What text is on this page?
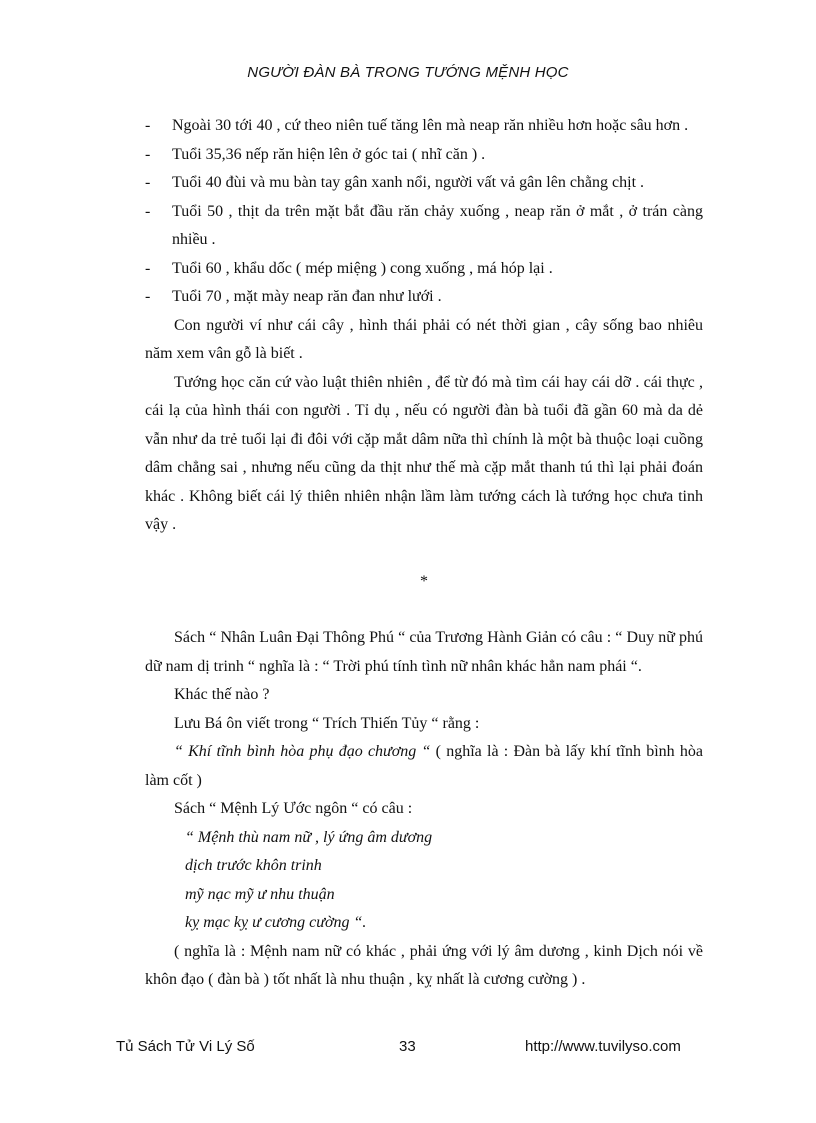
NGƯỜI ĐÀN BÀ TRONG TƯỚNG MỆNH HỌC
- Ngoài 30 tới 40 , cứ theo niên tuế tăng lên mà neap răn nhiều hơn hoặc sâu hơn .
- Tuổi 35,36 nếp răn hiện lên ở góc tai ( nhĩ căn ) .
- Tuổi 40 đùi và mu bàn tay gân xanh nổi, người vất vả gân lên chằng chịt .
- Tuổi 50 , thịt da trên mặt bắt đầu răn chảy xuống , neap răn ở mắt , ở trán càng nhiều .
- Tuổi 60 , khẩu dốc ( mép miệng ) cong xuống , má hóp lại .
- Tuổi 70 , mặt mày neap răn đan như lưới .

Con người ví như cái cây , hình thái phải có nét thời gian , cây sống bao nhiêu năm xem vân gỗ là biết .

Tướng học căn cứ vào luật thiên nhiên , để từ đó mà tìm cái hay cái dỡ . cái thực , cái lạ của hình thái con người . Tỉ dụ , nếu có người đàn bà tuổi đã gần 60 mà da dẻ vẫn như da trẻ tuổi lại đi đôi với cặp mắt dâm nữa thì chính là một bà thuộc loại cuồng dâm chẳng sai , nhưng nếu cũng da thịt như thế mà cặp mắt thanh tú thì lại phải đoán khác . Không biết cái lý thiên nhiên nhận lầm làm tướng cách là tướng học chưa tinh vậy .

*

Sách “ Nhân Luân Đại Thông Phú “ của Trương Hành Giản có câu : “ Duy nữ phú dữ nam dị trinh “ nghĩa là : “ Trời phú tính tình nữ nhân khác hẳn nam phái “.

Khác thế nào ?

Lưu Bá ôn viết trong “ Trích Thiến Tủy “ rằng :

“ Khí tĩnh bình hòa phụ đạo chương “ ( nghĩa là : Đàn bà lấy khí tĩnh bình hòa làm cốt )

Sách “ Mệnh Lý Ước ngôn “ có câu :

“ Mệnh thù nam nữ , lý ứng âm dương

dịch trước khôn trinh

mỹ nạc mỹ ư nhu thuận

kỵ mạc kỵ ư cương cường “.

( nghĩa là : Mệnh nam nữ có khác , phải ứng với lý âm dương , kinh Dịch nói về khôn đạo ( đàn bà ) tốt nhất là nhu thuận , kỵ nhất là cương cường ) .

Tủ Sách Tử Vi Lý Số	33	http://www.tuvilyso.com
